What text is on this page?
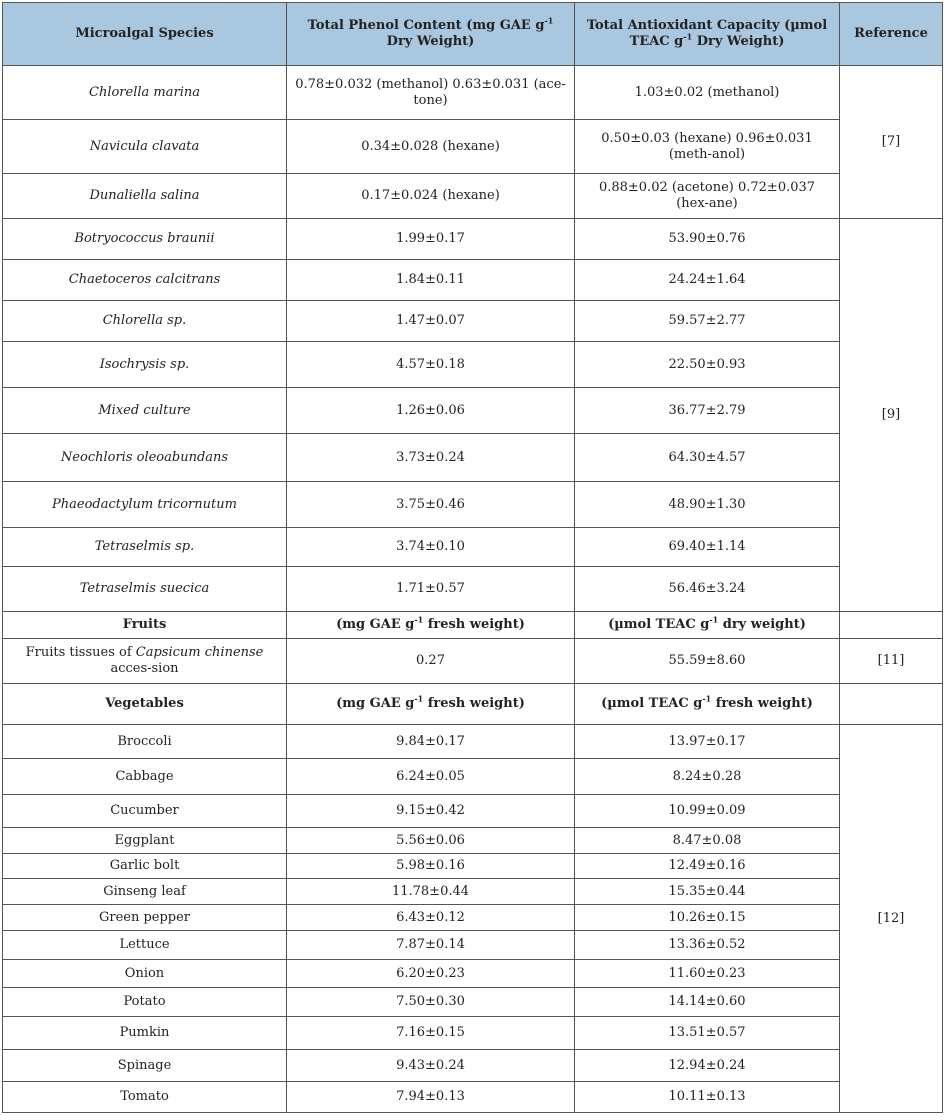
Microalgal Species	Total Phenol Content (mg GAE $g^{-1}$ Dry Weight)	Total Antioxidant Capacity (µmol TEAC $g^{-1}$ Dry Weight)	Reference
Chlorella marina	0.78±0.032 (methanol) 0.63±0.031 (ace-tone)	1.03±0.02 (methanol)	[7]
Navicula clavata	0.34±0.028 (hexane)	0.50±0.03 (hexane) 0.96±0.031 (meth-anol)	
Dunaliella salina	0.17±0.024 (hexane)	0.88±0.02 (acetone) 0.72±0.037 (hex-ane)	
Botryococcus braunii	1.99±0.17	53.90±0.76	[9]
Chaetoceros calcitrans	1.84±0.11	24.24±1.64	
Chlorella sp.	1.47±0.07	59.57±2.77	
Isochrysis sp.	4.57±0.18	22.50±0.93	
Mixed culture	1.26±0.06	36.77±2.79	
Neochloris oleoabundans	3.73±0.24	64.30±4.57	
Phaeodactylum tricornutum	3.75±0.46	48.90±1.30	
Tetraselmis sp.	3.74±0.10	69.40±1.14	
Tetraselmis suecica	1.71±0.57	56.46±3.24	
Fruits	(mg GAE $g^{-1}$ fresh weight)	(µmol TEAC $g^{-1}$ dry weight)	
Fruits tissues of Capsicum chinense acces-sion	0.27	55.59±8.60	[11]
Vegetables	(mg GAE $g^{-1}$ fresh weight)	(µmol TEAC $g^{-1}$ fresh weight)	
Broccoli	9.84±0.17	13.97±0.17	[12]
Cabbage	6.24±0.05	8.24±0.28	
Cucumber	9.15±0.42	10.99±0.09	
Eggplant	5.56±0.06	8.47±0.08	
Garlic bolt	5.98±0.16	12.49±0.16	
Ginseng leaf	11.78±0.44	15.35±0.44	
Green pepper	6.43±0.12	10.26±0.15	
Lettuce	7.87±0.14	13.36±0.52	
Onion	6.20±0.23	11.60±0.23	
Potato	7.50±0.30	14.14±0.60	
Pumkin	7.16±0.15	13.51±0.57	
Spinage	9.43±0.24	12.94±0.24	
Tomato	7.94±0.13	10.11±0.13	
